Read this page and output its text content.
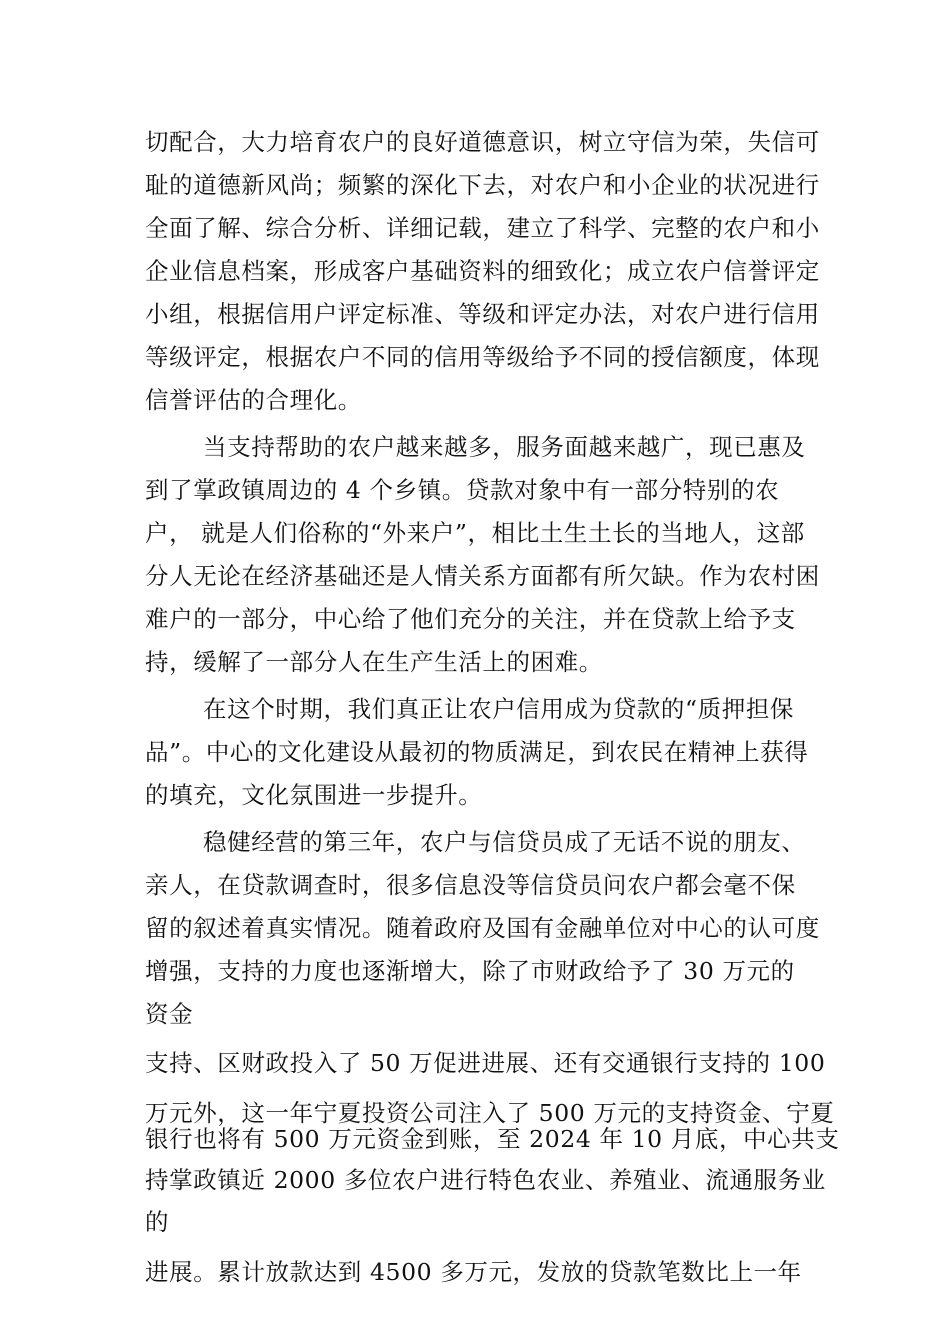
切配合，大力培育农户的良好道德意识，树立守信为荣，失信可
耻的道德新风尚；频繁的深化下去，对农户和小企业的状况进行
全面了解、综合分析、详细记载，建立了科学、完整的农户和小
企业信息档案，形成客户基础资料的细致化；成立农户信誉评定
小组，根据信用户评定标准、等级和评定办法，对农户进行信用
等级评定，根据农户不同的信用等级给予不同的授信额度，体现
信誉评估的合理化。
当支持帮助的农户越来越多，服务面越来越广，现已惠及
到了掌政镇周边的 4 个乡镇。贷款对象中有一部分特别的农
户， 就是人们俗称的“外来户”，相比土生土长的当地人，这部
分人无论在经济基础还是人情关系方面都有所欠缺。作为农村困
难户的一部分，中心给了他们充分的关注，并在贷款上给予支
持，缓解了一部分人在生产生活上的困难。
在这个时期，我们真正让农户信用成为贷款的“质押担保
品”。中心的文化建设从最初的物质满足，到农民在精神上获得
的填充，文化氛围进一步提升。
稳健经营的第三年，农户与信贷员成了无话不说的朋友、
亲人，在贷款调查时，很多信息没等信贷员问农户都会毫不保
留的叙述着真实情况。随着政府及国有金融单位对中心的认可度
增强，支持的力度也逐渐增大，除了市财政给予了 30 万元的
资金
支持、区财政投入了 50 万促进进展、还有交通银行支持的 100
万元外，这一年宁夏投资公司注入了 500 万元的支持资金、宁夏
银行也将有 500 万元资金到账，至 2024 年 10 月底，中心共支
持掌政镇近 2000 多位农户进行特色农业、养殖业、流通服务业
的
进展。累计放款达到 4500 多万元，发放的贷款笔数比上一年
